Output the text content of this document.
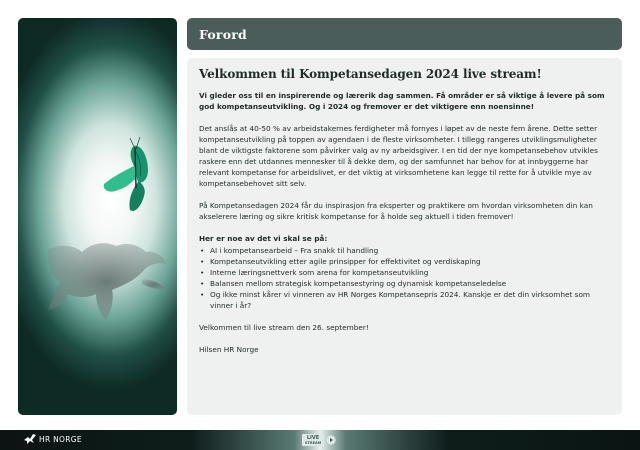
Forord
Velkommen til Kompetansedagen 2024 live stream!

Vi gleder oss til en inspirerende og lærerik dag sammen. Få områder er så viktige å levere på som god kompetanseutvikling. Og i 2024 og fremover er det viktigere enn noensinne!

Det anslås at 40-50 % av arbeidstakernes ferdigheter må fornyes i løpet av de neste fem årene. Dette setter kompetanseutvikling på toppen av agendaen i de fleste virksomheter. I tillegg rangeres utviklingsmuligheter blant de viktigste faktorene som påvirker valg av ny arbeidsgiver. I en tid der nye kompetansebehov utvikles raskere enn det utdannes mennesker til å dekke dem, og der samfunnet har behov for at innbyggerne har relevant kompetanse for arbeidslivet, er det viktig at virksomhetene kan legge til rette for å utvikle mye av kompetansebehovet sitt selv.

På Kompetansedagen 2024 får du inspirasjon fra eksperter og praktikere om hvordan virksomheten din kan akselerere læring og sikre kritisk kompetanse for å holde seg aktuell i tiden fremover!

Her er noe av det vi skal se på:
• AI i kompetansearbeid – Fra snakk til handling
• Kompetanseutvikling etter agile prinsipper for effektivitet og verdiskaping
• Interne læringsnettverk som arena for kompetanseutvikling
• Balansen mellom strategisk kompetansestyring og dynamisk kompetanseledelse
• Og ikke minst kårer vi vinneren av HR Norges Kompetansepris 2024. Kanskje er det din virksomhet som vinner i år?

Velkommen til live stream den 26. september!

Hilsen HR Norge

HR NORGE	LIVE
STREAM
